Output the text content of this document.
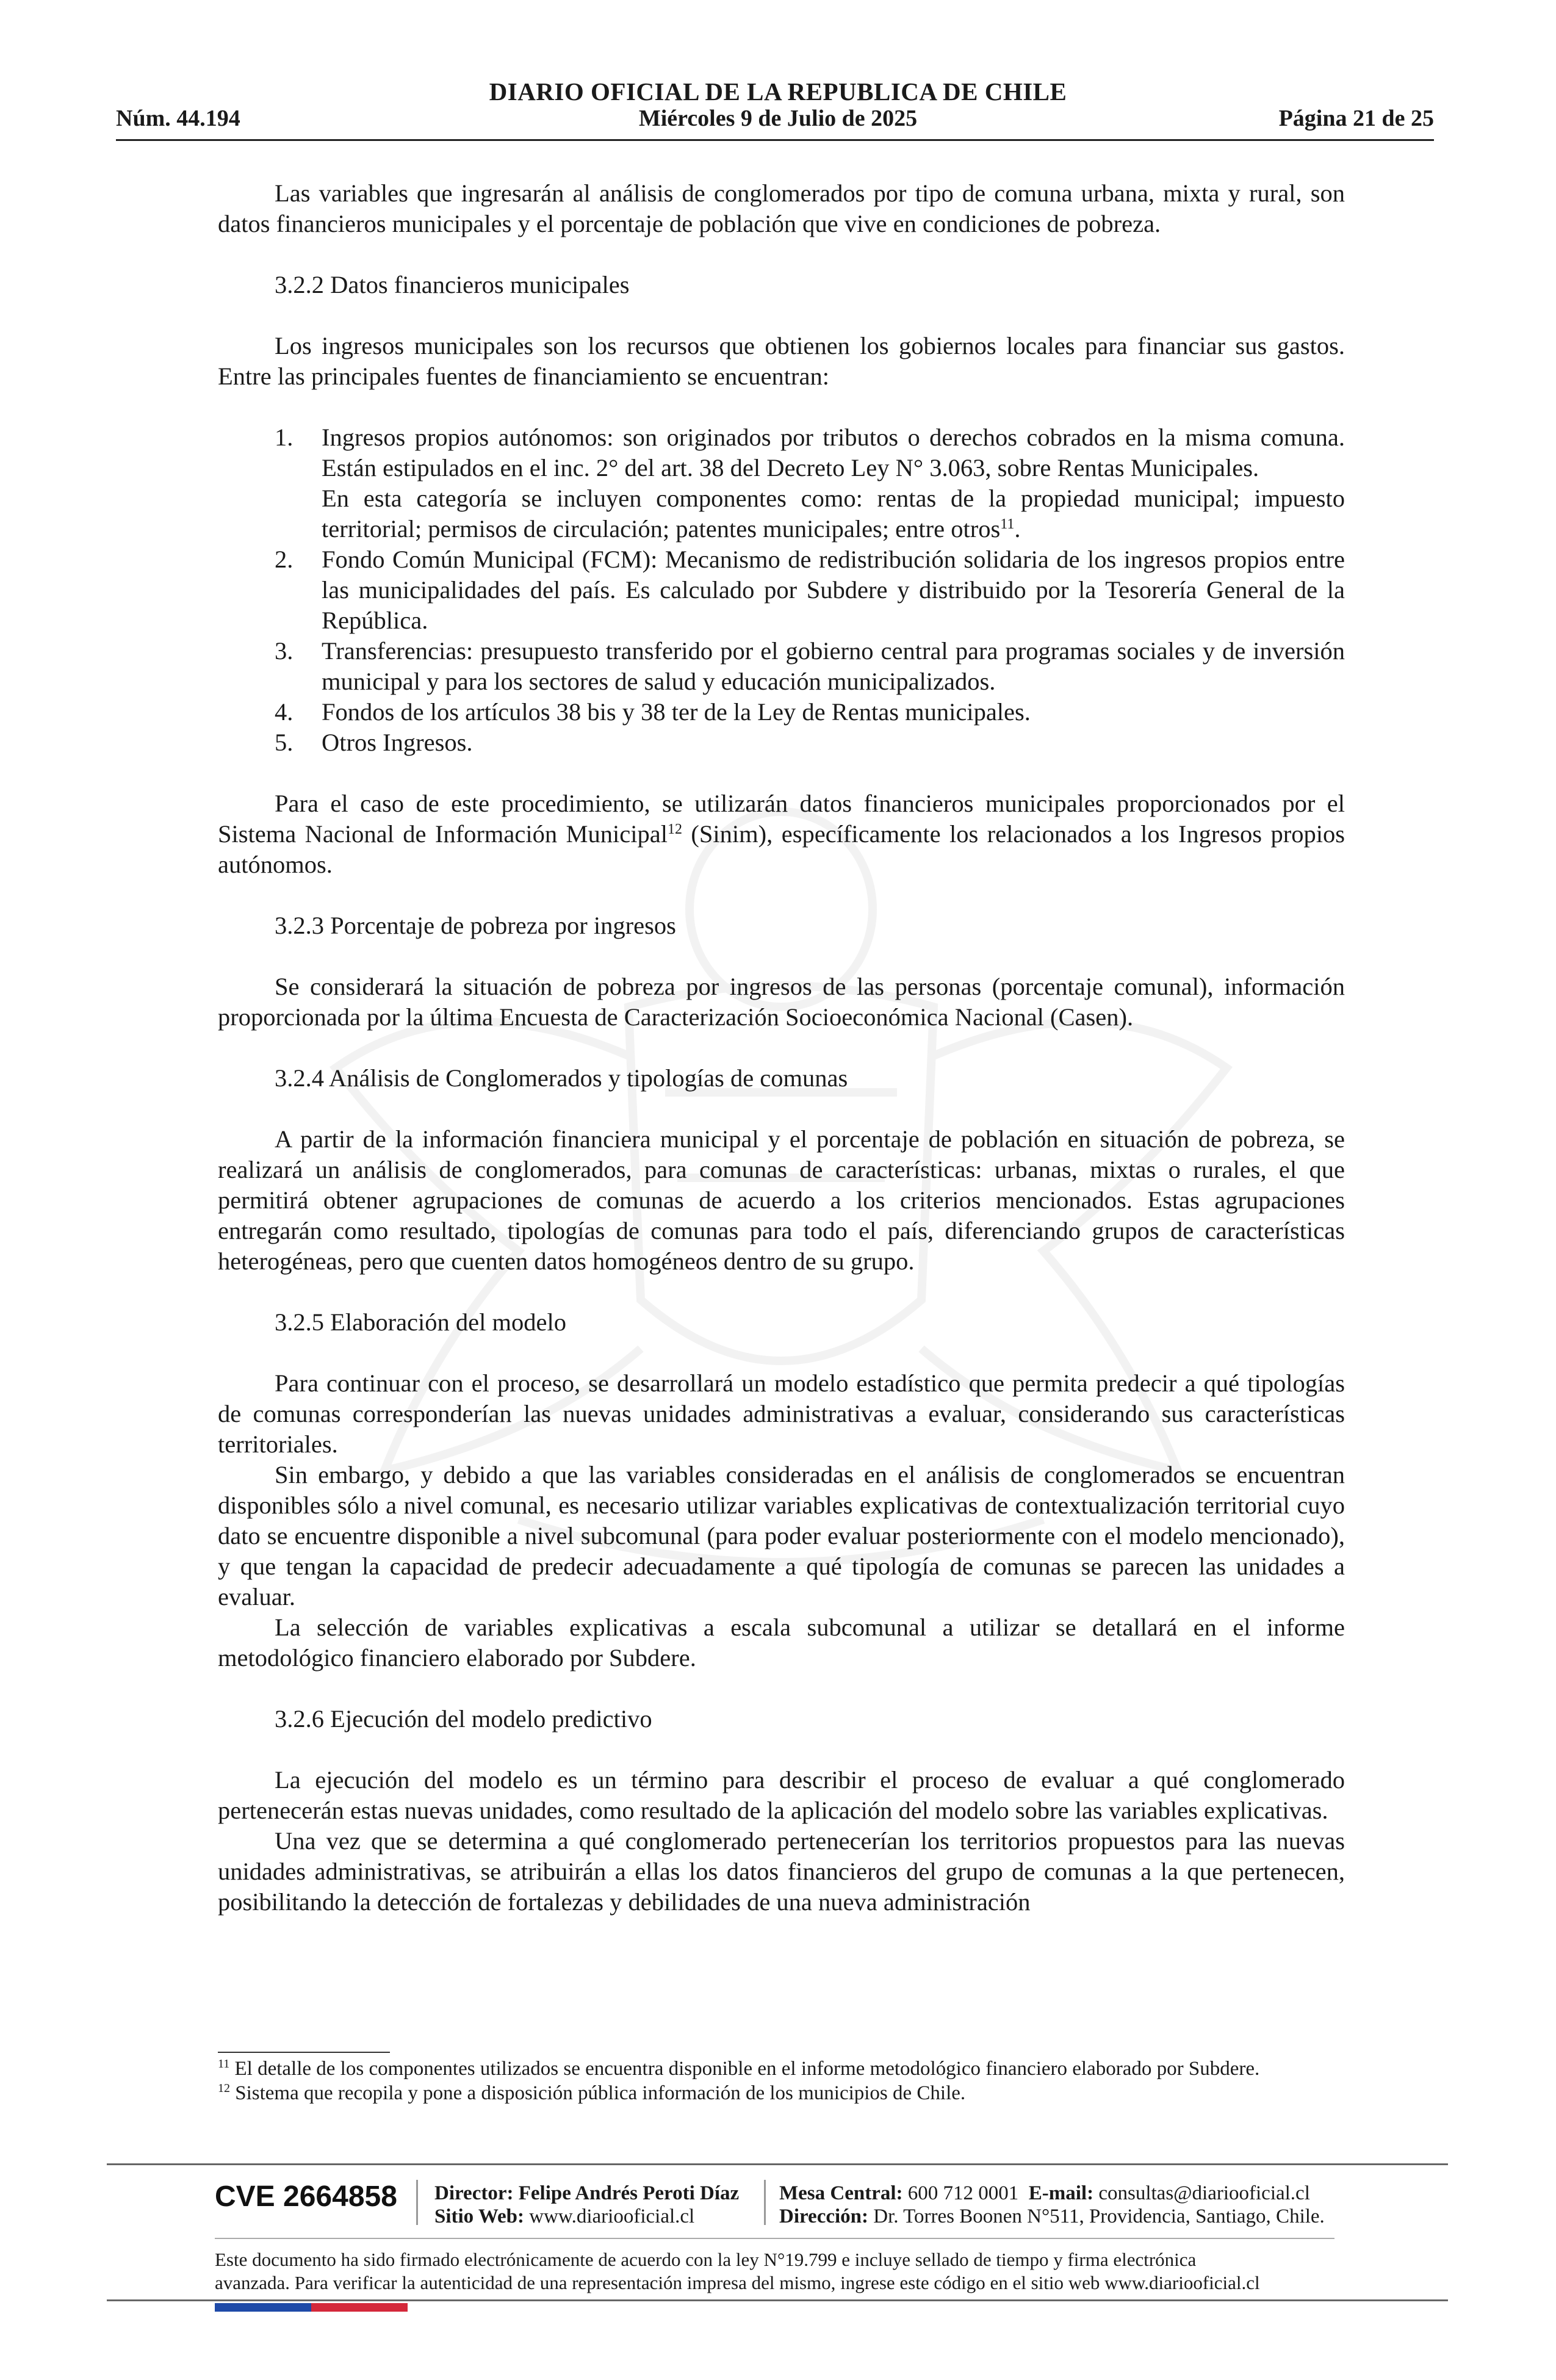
DIARIO OFICIAL DE LA REPUBLICA DE CHILE
Núm. 44.194	Miércoles 9 de Julio de 2025	Página 21 de 25

Las variables que ingresarán al análisis de conglomerados por tipo de comuna urbana, mixta y rural, son datos financieros municipales y el porcentaje de población que vive en condiciones de pobreza.

3.2.2 Datos financieros municipales

Los ingresos municipales son los recursos que obtienen los gobiernos locales para financiar sus gastos. Entre las principales fuentes de financiamiento se encuentran:

1. Ingresos propios autónomos: son originados por tributos o derechos cobrados en la misma comuna. Están estipulados en el inc. 2° del art. 38 del Decreto Ley N° 3.063, sobre Rentas Municipales.
En esta categoría se incluyen componentes como: rentas de la propiedad municipal; impuesto territorial; permisos de circulación; patentes municipales; entre otros$^{11}$.
2. Fondo Común Municipal (FCM): Mecanismo de redistribución solidaria de los ingresos propios entre las municipalidades del país. Es calculado por Subdere y distribuido por la Tesorería General de la República.
3. Transferencias: presupuesto transferido por el gobierno central para programas sociales y de inversión municipal y para los sectores de salud y educación municipalizados.
4. Fondos de los artículos 38 bis y 38 ter de la Ley de Rentas municipales.
5. Otros Ingresos.

Para el caso de este procedimiento, se utilizarán datos financieros municipales proporcionados por el Sistema Nacional de Información Municipal$^{12}$ (Sinim), específicamente los relacionados a los Ingresos propios autónomos.

3.2.3 Porcentaje de pobreza por ingresos

Se considerará la situación de pobreza por ingresos de las personas (porcentaje comunal), información proporcionada por la última Encuesta de Caracterización Socioeconómica Nacional (Casen).

3.2.4 Análisis de Conglomerados y tipologías de comunas

A partir de la información financiera municipal y el porcentaje de población en situación de pobreza, se realizará un análisis de conglomerados, para comunas de características: urbanas, mixtas o rurales, el que permitirá obtener agrupaciones de comunas de acuerdo a los criterios mencionados. Estas agrupaciones entregarán como resultado, tipologías de comunas para todo el país, diferenciando grupos de características heterogéneas, pero que cuenten datos homogéneos dentro de su grupo.

3.2.5 Elaboración del modelo

Para continuar con el proceso, se desarrollará un modelo estadístico que permita predecir a qué tipologías de comunas corresponderían las nuevas unidades administrativas a evaluar, considerando sus características territoriales.

Sin embargo, y debido a que las variables consideradas en el análisis de conglomerados se encuentran disponibles sólo a nivel comunal, es necesario utilizar variables explicativas de contextualización territorial cuyo dato se encuentre disponible a nivel subcomunal (para poder evaluar posteriormente con el modelo mencionado), y que tengan la capacidad de predecir adecuadamente a qué tipología de comunas se parecen las unidades a evaluar.

La selección de variables explicativas a escala subcomunal a utilizar se detallará en el informe metodológico financiero elaborado por Subdere.

3.2.6 Ejecución del modelo predictivo

La ejecución del modelo es un término para describir el proceso de evaluar a qué conglomerado pertenecerán estas nuevas unidades, como resultado de la aplicación del modelo sobre las variables explicativas.

Una vez que se determina a qué conglomerado pertenecerían los territorios propuestos para las nuevas unidades administrativas, se atribuirán a ellas los datos financieros del grupo de comunas a la que pertenecen, posibilitando la detección de fortalezas y debilidades de una nueva administración

$^{11}$ El detalle de los componentes utilizados se encuentra disponible en el informe metodológico financiero elaborado por Subdere.

$^{12}$ Sistema que recopila y pone a disposición pública información de los municipios de Chile.

CVE 2664858 Director: Felipe Andrés Peroti Díaz
Sitio Web: www.diariooficial.cl
Mesa Central: 600 712 0001 E-mail: consultas@diariooficial.cl
Dirección: Dr. Torres Boonen N°511, Providencia, Santiago, Chile.
Este documento ha sido firmado electrónicamente de acuerdo con la ley N°19.799 e incluye sellado de tiempo y firma electrónica
avanzada. Para verificar la autenticidad de una representación impresa del mismo, ingrese este código en el sitio web www.diariooficial.cl
